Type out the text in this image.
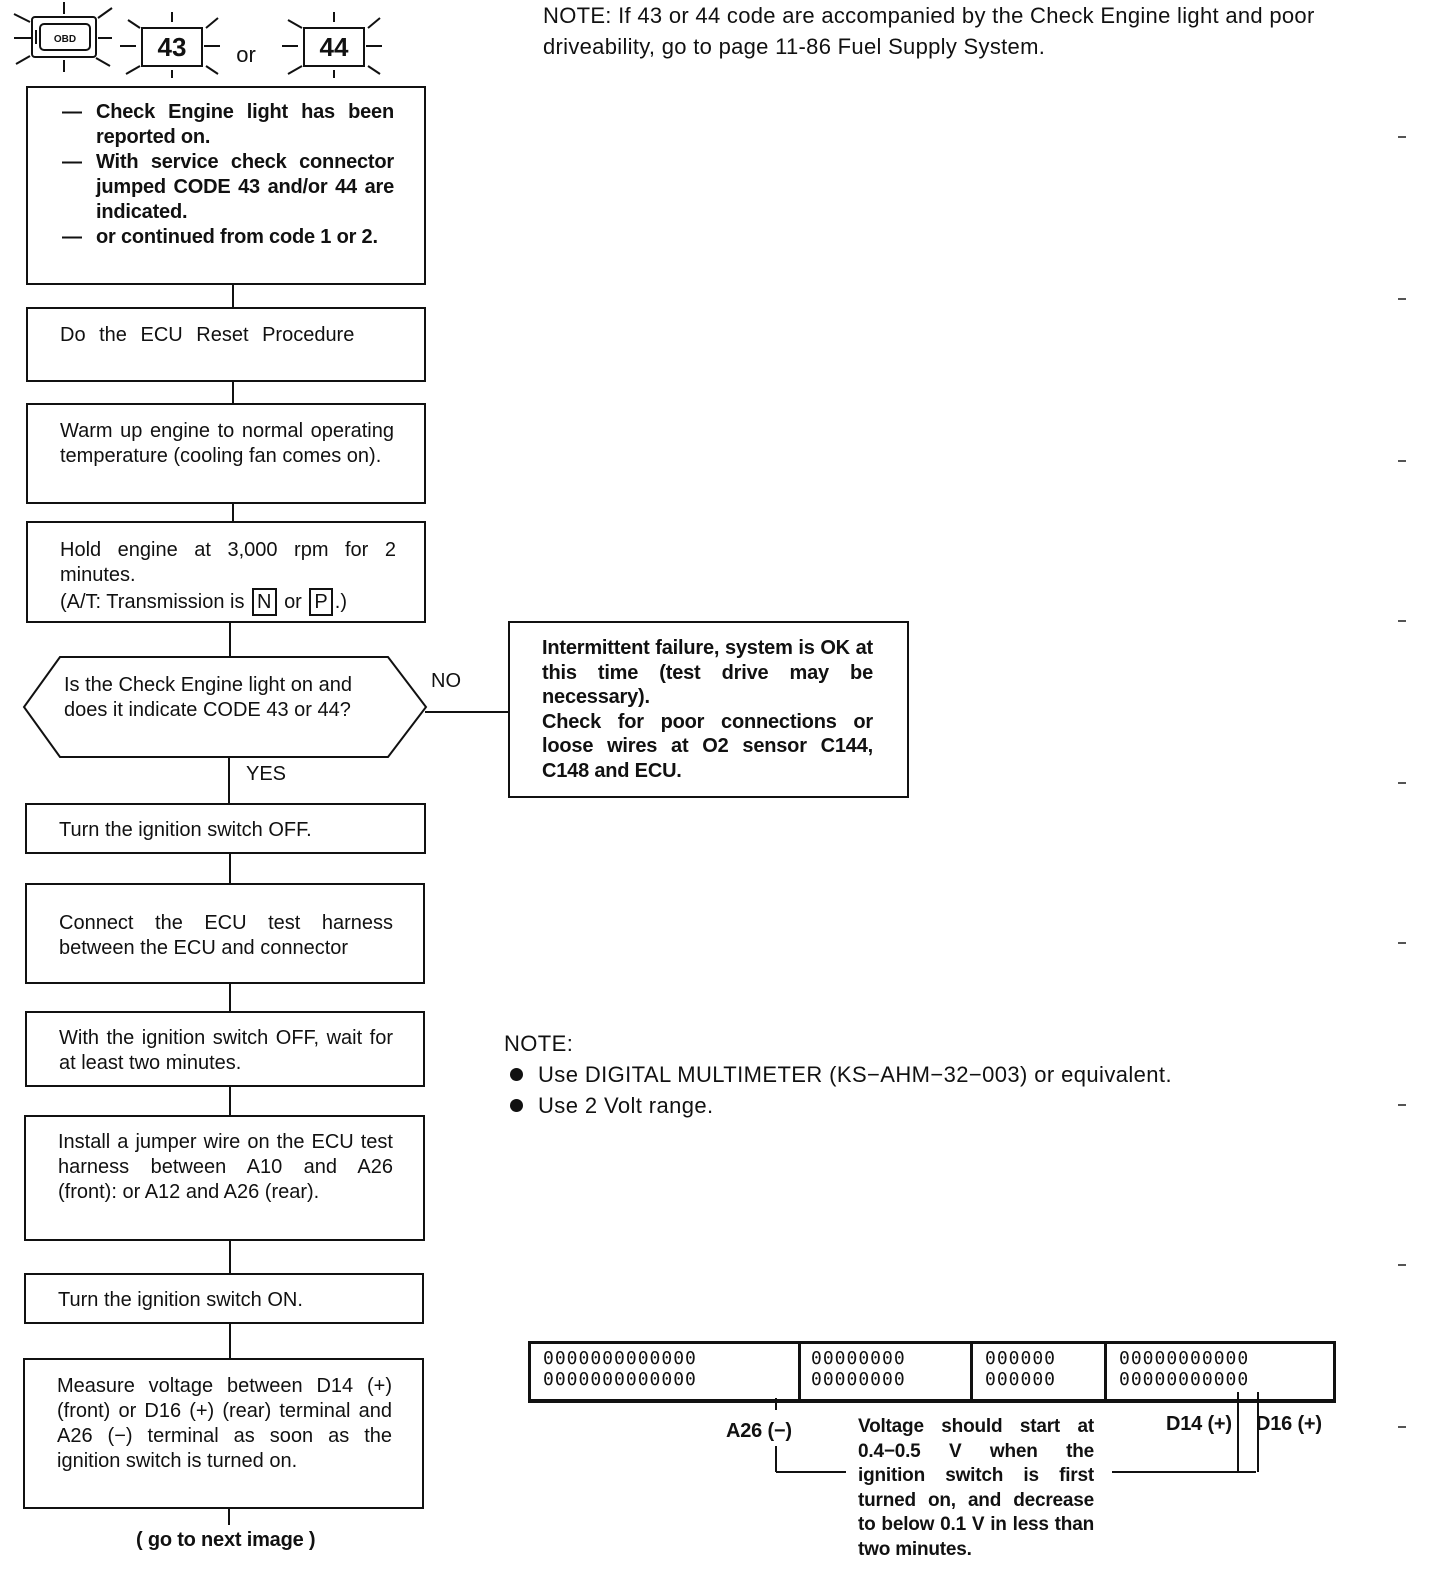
OBD	43 or 44
NOTE: If 43 or 44 code are accompanied by the Check Engine light and poor driveability, go to page 11-86 Fuel Supply System.
— Check Engine light has been reported on.
— With service check connector jumped CODE 43 and/or 44 are indicated.
— or continued from code 1 or 2.
Do the ECU Reset Procedure
Warm up engine to normal operating temperature (cooling fan comes on).
Hold engine at 3,000 rpm for 2 minutes.
(A/T: Transmission is N or P .)
Is the Check Engine light on and does it indicate CODE 43 or 44?
NO
YES
Intermittent failure, system is OK at this time (test drive may be necessary).
Check for poor connections or loose wires at O2 sensor C144, C148 and ECU.
Turn the ignition switch OFF.
Connect the ECU test harness between the ECU and connector
With the ignition switch OFF, wait for at least two minutes.
Install a jumper wire on the ECU test harness between A10 and A26 (front): or A12 and A26 (rear).
Turn the ignition switch ON.
Measure voltage between D14 (+) (front) or D16 (+) (rear) terminal and A26 (−) terminal as soon as the ignition switch is turned on.
( go to next image )
NOTE:
Use DIGITAL MULTIMETER (KS−AHM−32−003) or equivalent.
Use 2 Volt range.
0000000000000
0000000000000
00000000
00000000
000000
000000
00000000000
00000000000
A26 (−)	D14 (+) D16 (+)
Voltage should start at 0.4−0.5 V when the ignition switch is first turned on, and decrease to below 0.1 V in less than two minutes.
